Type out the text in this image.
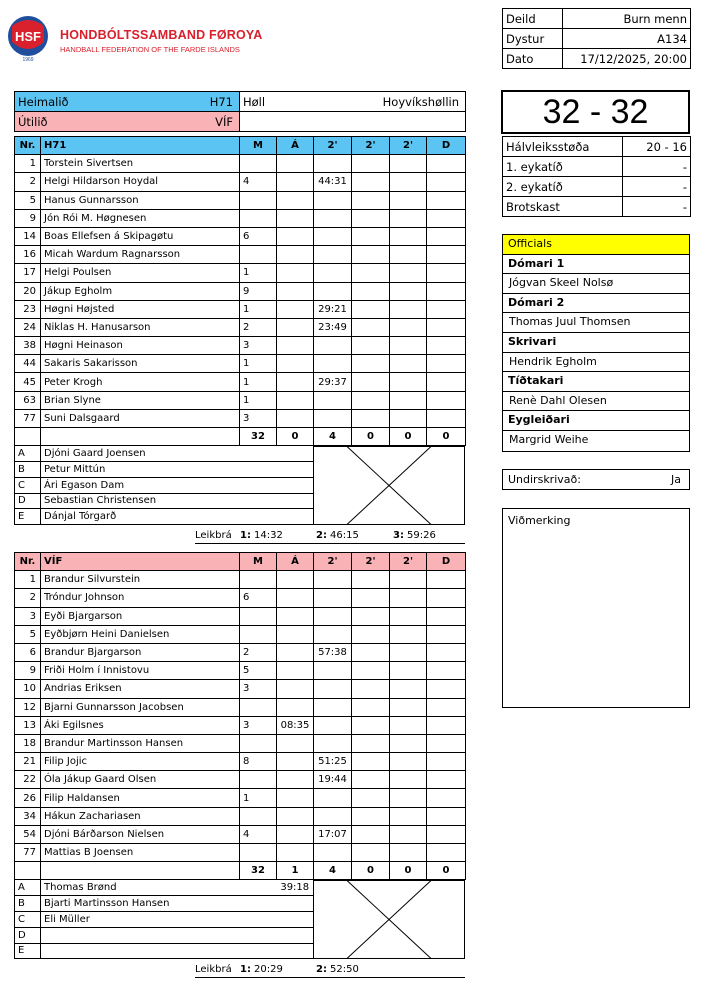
HSF
1969
HONDBÓLTSSAMBAND FØROYA
HANDBALL FEDERATION OF THE FARDE ISLANDS
Deild	Burn menn
Dystur	A134
Dato	17/12/2025, 20:00
Heimalið H71	Høll Hoyvíkshøllin

Útilið VÍF	
		32 - 32
Hálvleiksstøða	20 - 16
1. eykatíð	-
2. eykatíð	-
Brotskast	-
Officials
Dómari 1
Jógvan Skeel Nolsø
Dómari 2
Thomas Juul Thomsen
Skrivari
Hendrik Egholm
Tíðtakari
Renè Dahl Olesen
Eygleiðari
Margrid Weihe
Undirskrivað:	Ja
Viðmerking
Nr.	H71	M	Á	2'	2'	2'	D
1	Torstein Sivertsen						
2	Helgi Hildarson Hoydal	4		44:31			
5	Hanus Gunnarsson						
9	Jón Rói M. Høgnesen						
14	Boas Ellefsen á Skipagøtu	6					
16	Micah Wardum Ragnarsson						
17	Helgi Poulsen	1					
20	Jákup Egholm	9					
23	Høgni Højsted	1		29:21			
24	Niklas H. Hanusarson	2		23:49			
38	Høgni Heinason	3					
44	Sakaris Sakarisson	1					
45	Peter Krogh	1		29:37			
63	Brian Slyne	1					
77	Suni Dalsgaard	3					
		32	0	4	0	0	0
A	Djóni Gaard Joensen						
B	Petur Mittún						
C	Ári Egason Dam						
D	Sebastian Christensen						
E	Dánjal Tórgarð						
Leikbrá 1: 14:32	2: 46:15	3: 59:26
Nr.	VÍF	M	Á	2'	2'	2'	D
1	Brandur Silvurstein						
2	Tróndur Johnson	6					
3	Eyði Bjargarson						
5	Eyðbjørn Heini Danielsen						
6	Brandur Bjargarson	2		57:38			
9	Friði Holm í Innistovu	5					
10	Andrias Eriksen	3					
12	Bjarni Gunnarsson Jacobsen						
13	Áki Egilsnes	3	08:35				
18	Brandur Martinsson Hansen						
21	Filip Jojic	8		51:25			
22	Óla Jákup Gaard Olsen			19:44			
26	Filip Haldansen	1					
34	Hákun Zachariasen						
54	Djóni Bárðarson Nielsen	4		17:07			
77	Mattias B Joensen						
		32	1	4	0	0	0
A	Thomas Brønd		39:18				
B	Bjarti Martinsson Hansen						
C	Eli Müller						
D							
E							
Leikbrá 1: 20:29	2: 52:50
